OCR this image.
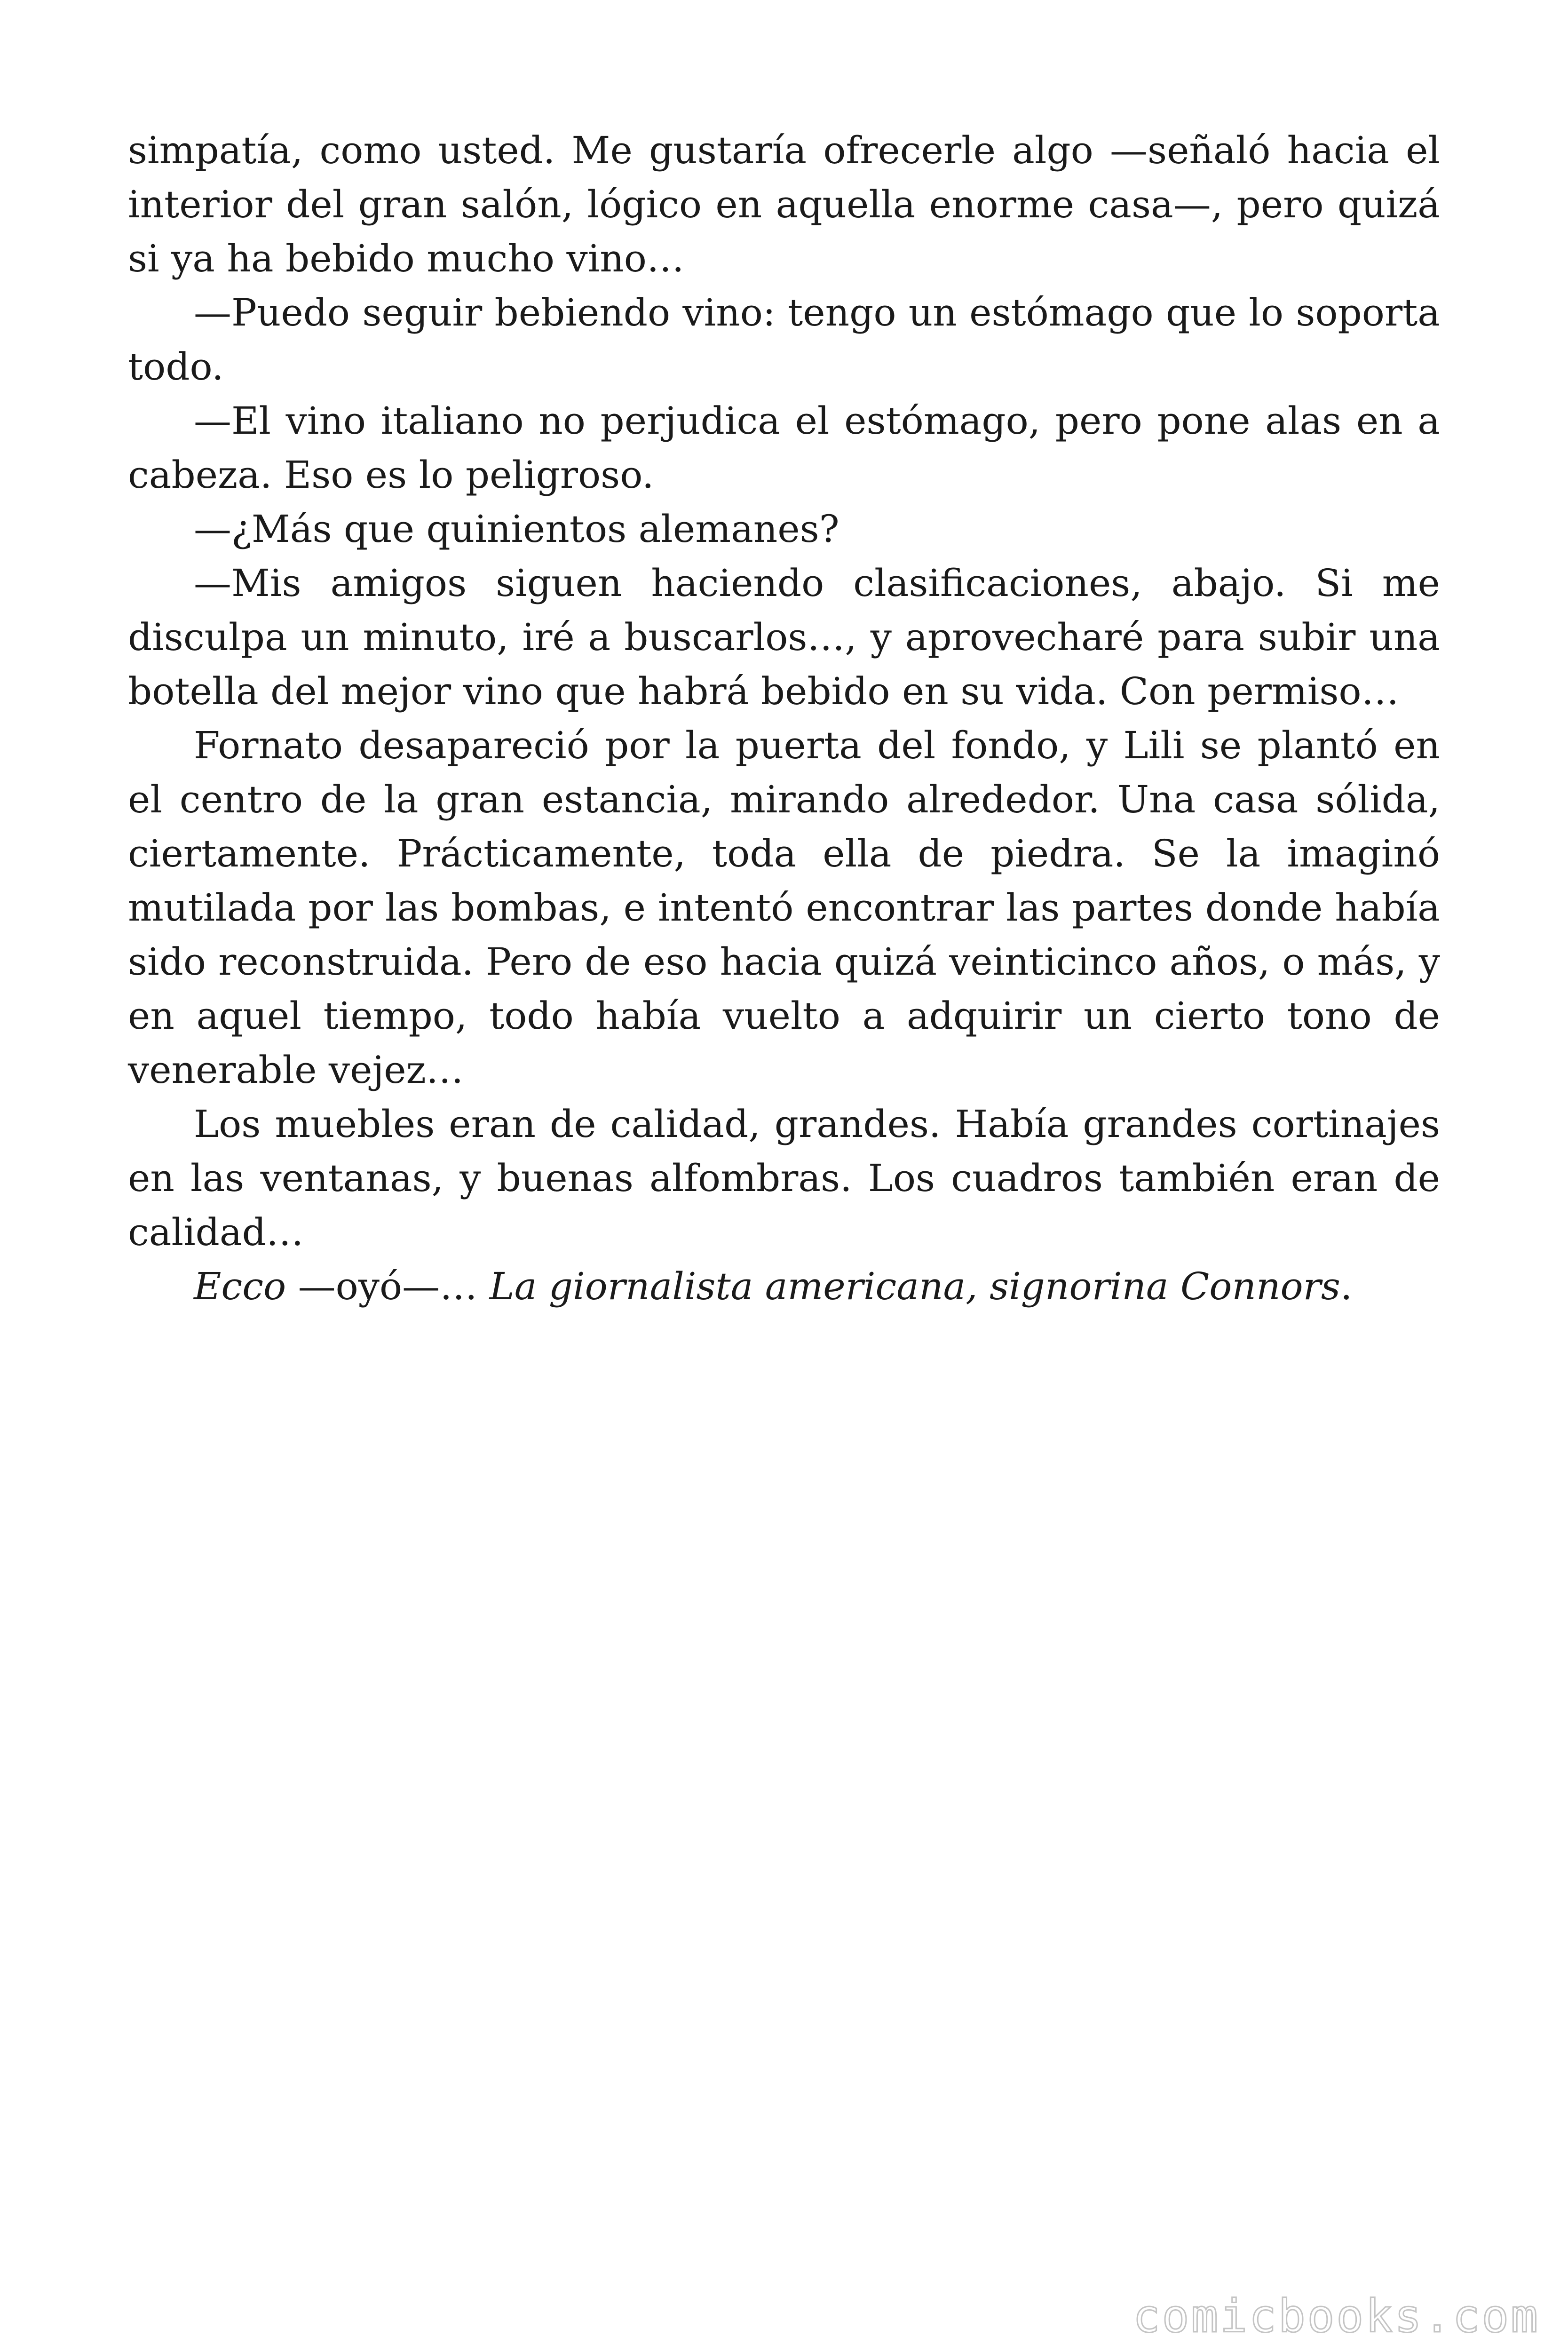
simpatía, como usted. Me gustaría ofrecerle algo —señaló hacia el interior del gran salón, lógico en aquella enorme casa—, pero quizá si ya ha bebido mucho vino…

—Puedo seguir bebiendo vino: tengo un estómago que lo soporta todo.

—El vino italiano no perjudica el estómago, pero pone alas en a cabeza. Eso es lo peligroso.

—¿Más que quinientos alemanes?

—Mis amigos siguen haciendo clasificaciones, abajo. Si me disculpa un minuto, iré a buscarlos…, y aprovecharé para subir una botella del mejor vino que habrá bebido en su vida. Con permiso…

Fornato desapareció por la puerta del fondo, y Lili se plantó en el centro de la gran estancia, mirando alrededor. Una casa sólida, ciertamente. Prácticamente, toda ella de piedra. Se la imaginó mutilada por las bombas, e intentó encontrar las partes donde había sido reconstruida. Pero de eso hacia quizá veinticinco años, o más, y en aquel tiempo, todo había vuelto a adquirir un cierto tono de venerable vejez…

Los muebles eran de calidad, grandes. Había grandes cortinajes en las ventanas, y buenas alfombras. Los cuadros también eran de calidad…

Ecco —oyó—… La giornalista americana, signorina Connors.

comicbooks.com
